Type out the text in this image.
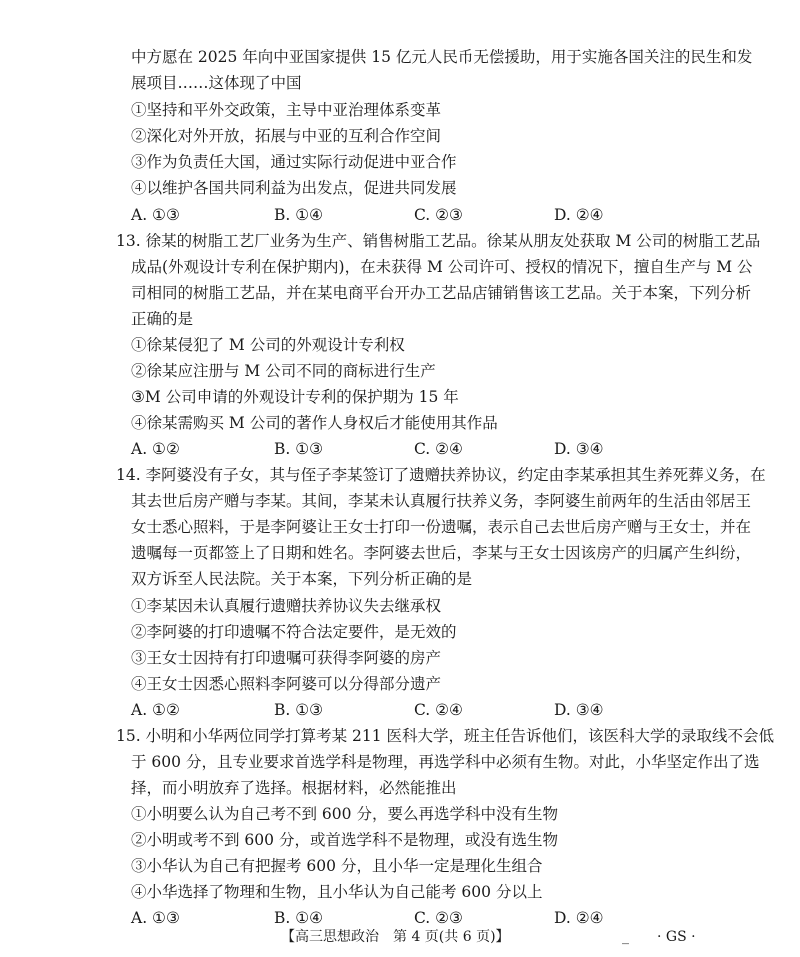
中方愿在 2025 年向中亚国家提供 15 亿元人民币无偿援助，用于实施各国关注的民生和发
展项目……这体现了中国
①坚持和平外交政策，主导中亚治理体系变革
②深化对外开放，拓展与中亚的互利合作空间
③作为负责任大国，通过实际行动促进中亚合作
④以维护各国共同利益为出发点，促进共同发展
A. ①③	B. ①④	C. ②③	D. ②④
13. 徐某的树脂工艺厂业务为生产、销售树脂工艺品。徐某从朋友处获取 M 公司的树脂工艺品
成品(外观设计专利在保护期内)，在未获得 M 公司许可、授权的情况下，擅自生产与 M 公
司相同的树脂工艺品，并在某电商平台开办工艺品店铺销售该工艺品。关于本案，下列分析
正确的是
①徐某侵犯了 M 公司的外观设计专利权
②徐某应注册与 M 公司不同的商标进行生产
③M 公司申请的外观设计专利的保护期为 15 年
④徐某需购买 M 公司的著作人身权后才能使用其作品
A. ①②	B. ①③	C. ②④	D. ③④
14. 李阿婆没有子女，其与侄子李某签订了遗赠扶养协议，约定由李某承担其生养死葬义务，在
其去世后房产赠与李某。其间，李某未认真履行扶养义务，李阿婆生前两年的生活由邻居王
女士悉心照料，于是李阿婆让王女士打印一份遗嘱，表示自己去世后房产赠与王女士，并在
遗嘱每一页都签上了日期和姓名。李阿婆去世后，李某与王女士因该房产的归属产生纠纷，
双方诉至人民法院。关于本案，下列分析正确的是
①李某因未认真履行遗赠扶养协议失去继承权
②李阿婆的打印遗嘱不符合法定要件，是无效的
③王女士因持有打印遗嘱可获得李阿婆的房产
④王女士因悉心照料李阿婆可以分得部分遗产
A. ①②	B. ①③	C. ②④	D. ③④
15. 小明和小华两位同学打算考某 211 医科大学，班主任告诉他们，该医科大学的录取线不会低
于 600 分，且专业要求首选学科是物理，再选学科中必须有生物。对此，小华坚定作出了选
择，而小明放弃了选择。根据材料，必然能推出
①小明要么认为自己考不到 600 分，要么再选学科中没有生物
②小明或考不到 600 分，或首选学科不是物理，或没有选生物
③小华认为自己有把握考 600 分，且小华一定是理化生组合
④小华选择了物理和生物，且小华认为自己能考 600 分以上
A. ①③	B. ①④	C. ②③	D. ②④
【高三思想政治　第 4 页(共 6 页)】	_ · GS ·
